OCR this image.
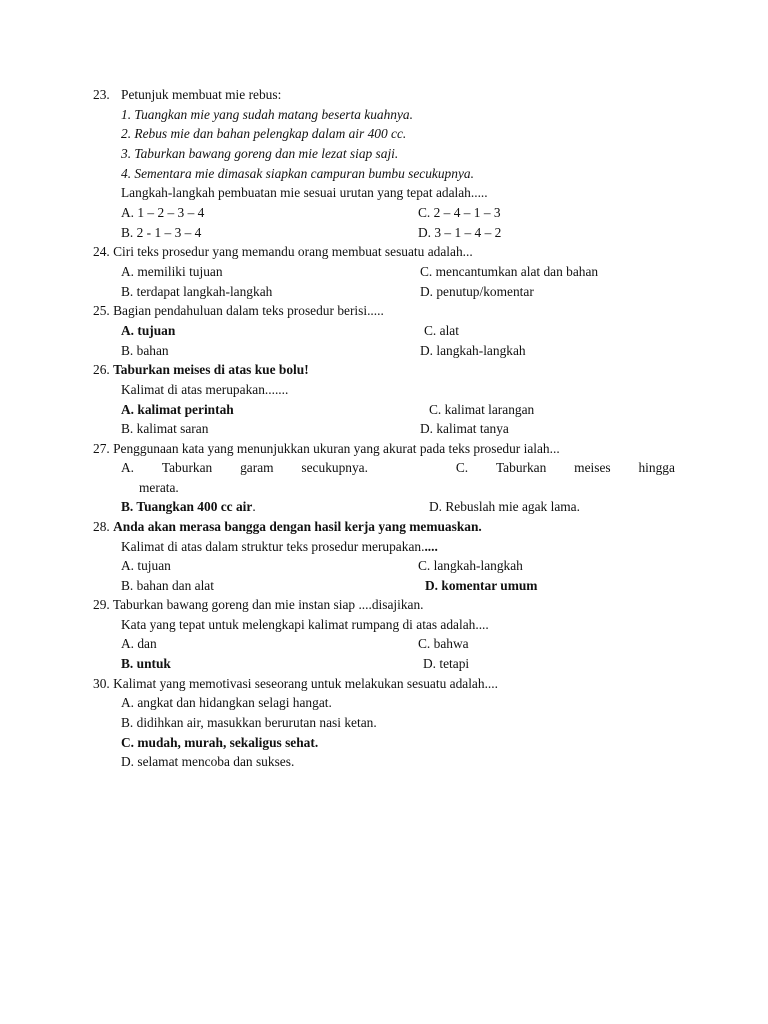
23. Petunjuk membuat mie rebus:
1. Tuangkan mie yang sudah matang beserta kuahnya.
2. Rebus mie dan bahan pelengkap dalam air 400 cc.
3. Taburkan bawang goreng dan mie lezat siap saji.
4. Sementara mie dimasak siapkan campuran bumbu secukupnya.
Langkah-langkah pembuatan mie sesuai urutan yang tepat adalah.....
A. 1 – 2 – 3 – 4	C. 2 – 4 – 1 – 3
B. 2 - 1 – 3 – 4	D. 3 – 1 – 4 – 2
24. Ciri teks prosedur yang memandu orang membuat sesuatu adalah...
A. memiliki tujuan	C. mencantumkan alat dan bahan
B. terdapat langkah-langkah	D. penutup/komentar
25. Bagian pendahuluan dalam teks prosedur berisi.....
A. tujuan	C. alat
B. bahan	D. langkah-langkah
26. Taburkan meises di atas kue bolu!
Kalimat di atas merupakan.......
A. kalimat perintah	C. kalimat larangan
B. kalimat saran	D. kalimat tanya
27. Penggunaan kata yang menunjukkan ukuran yang akurat pada teks prosedur ialah...
A. Taburkan garam secukupnya.	C. Taburkan meises hingga
merata.
B. Tuangkan 400 cc air.	D. Rebuslah mie agak lama.
28. Anda akan merasa bangga dengan hasil kerja yang memuaskan.
Kalimat di atas dalam struktur teks prosedur merupakan.....
A. tujuan	C. langkah-langkah
B. bahan dan alat	D. komentar umum
29. Taburkan bawang goreng dan mie instan siap ....disajikan.
Kata yang tepat untuk melengkapi kalimat rumpang di atas adalah....
A. dan	C. bahwa
B. untuk	D. tetapi
30. Kalimat yang memotivasi seseorang untuk melakukan sesuatu adalah....
A. angkat dan hidangkan selagi hangat.
B. didihkan air, masukkan berurutan nasi ketan.
C. mudah, murah, sekaligus sehat.
D. selamat mencoba dan sukses.
